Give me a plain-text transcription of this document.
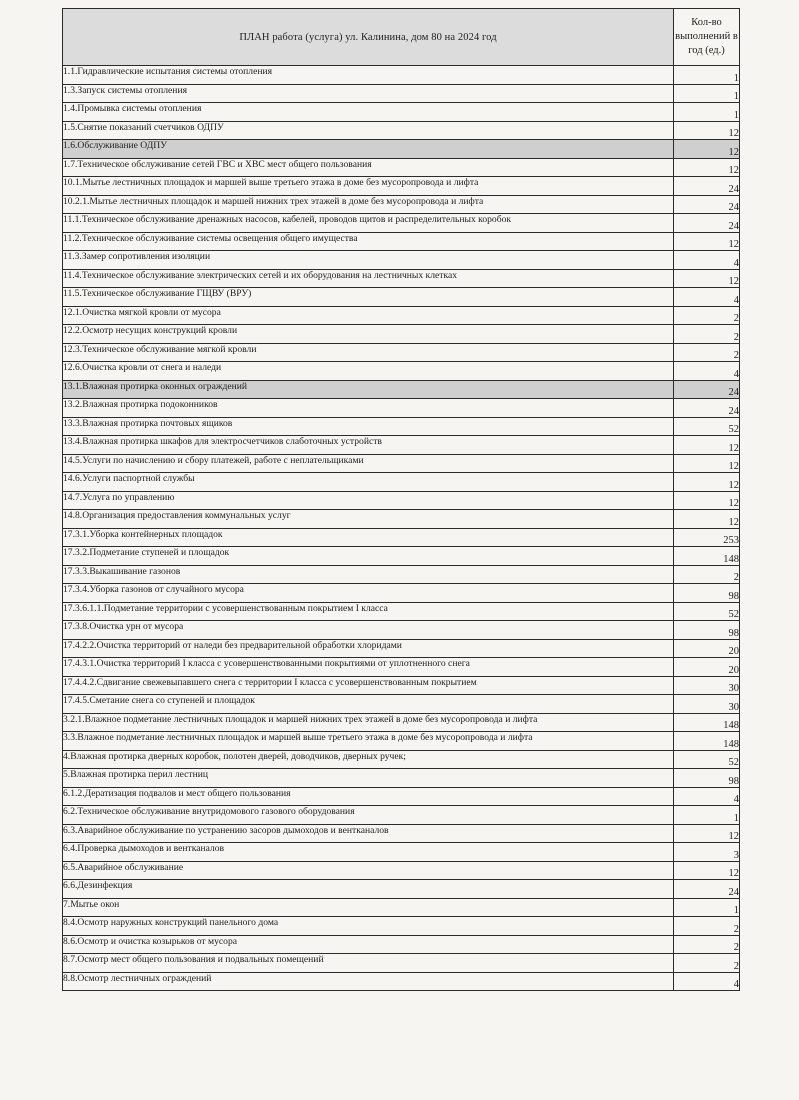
ПЛАН работа (услуга) ул. Калинина, дом 80 на 2024 год	Кол-во
выполнений в
год (ед.)

1.1.Гидравлические испытания системы отопления	1
1.3.Запуск системы отопления	1
1.4.Промывка системы отопления	1
1.5.Снятие показаний счетчиков ОДПУ	12
1.6.Обслуживание ОДПУ	12
1.7.Техническое обслуживание сетей ГВС и ХВС мест общего пользования	12
10.1.Мытье лестничных площадок и маршей выше третьего этажа в доме без мусоропровода и лифта	24
10.2.1.Мытье лестничных площадок и маршей нижних трех этажей в доме без мусоропровода и лифта	24
11.1.Техническое обслуживание дренажных насосов, кабелей, проводов щитов и распределительных коробок	24
11.2.Техническое обслуживание системы освещения общего имущества	12
11.3.Замер сопротивления изоляции	4
11.4.Техническое обслуживание электрических сетей и их оборудования на лестничных клетках	12
11.5.Техническое обслуживание ГЩВУ (ВРУ)	4
12.1.Очистка мягкой кровли от мусора	2
12.2.Осмотр несущих конструкций кровли	2
12.3.Техническое обслуживание мягкой кровли	2
12.6.Очистка кровли от снега и наледи	4
13.1.Влажная протирка оконных ограждений	24
13.2.Влажная протирка подоконников	24
13.3.Влажная протирка почтовых ящиков	52
13.4.Влажная протирка шкафов для электросчетчиков слаботочных устройств	12
14.5.Услуги по начислению и сбору платежей, работе с неплательщиками	12
14.6.Услуги паспортной службы	12
14.7.Услуга по управлению	12
14.8.Организация предоставления коммунальных услуг	12
17.3.1.Уборка контейнерных площадок	253
17.3.2.Подметание ступеней и площадок	148
17.3.3.Выкашивание газонов	2
17.3.4.Уборка газонов от случайного мусора	98
17.3.6.1.1.Подметание территории с усовершенствованным покрытием I класса	52
17.3.8.Очистка урн от мусора	98
17.4.2.2.Очистка территорий от наледи без предварительной обработки хлоридами	20
17.4.3.1.Очистка территорий I класса с усовершенствованными покрытиями от уплотненного снега	20
17.4.4.2.Сдвигание свежевыпавшего снега с территории I класса с усовершенствованным покрытием	30
17.4.5.Сметание снега со ступеней и площадок	30
3.2.1.Влажное подметание лестничных площадок и маршей нижних трех этажей в доме без мусоропровода и лифта	148
3.3.Влажное подметание лестничных площадок и маршей выше третьего этажа в доме без мусоропровода и лифта	148
4.Влажная протирка дверных коробок, полотен дверей, доводчиков, дверных ручек;	52
5.Влажная протирка перил лестниц	98
6.1.2.Дератизация подвалов и мест общего пользования	4
6.2.Техническое обслуживание внутридомового газового оборудования	1
6.3.Аварийное обслуживание по устранению засоров дымоходов и вентканалов	12
6.4.Проверка дымоходов и вентканалов	3
6.5.Аварийное обслуживание	12
6.6.Дезинфекция	24
7.Мытье окон	1
8.4.Осмотр наружных конструкций панельного дома	2
8.6.Осмотр и очистка козырьков от мусора	2
8.7.Осмотр мест общего пользования и подвальных помещений	2
8.8.Осмотр лестничных ограждений	4
